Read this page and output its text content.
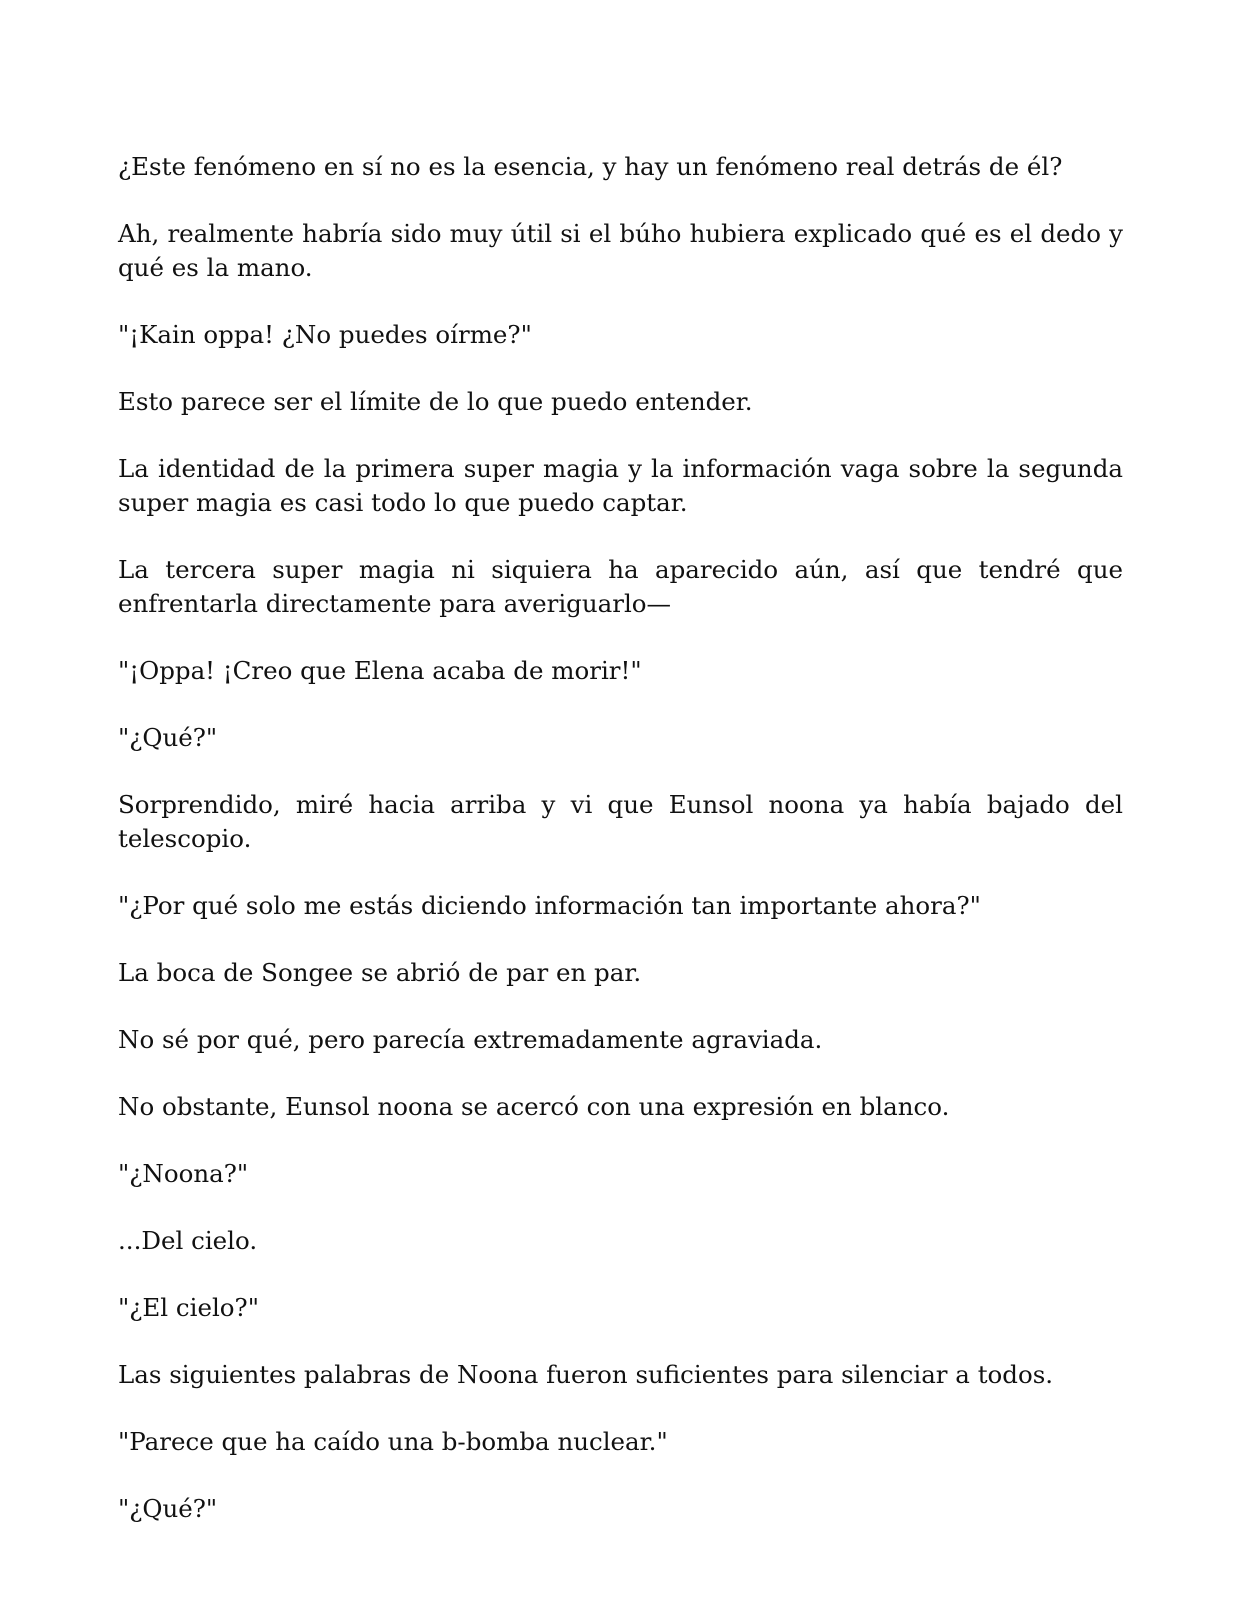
¿Este fenómeno en sí no es la esencia, y hay un fenómeno real detrás de él?

Ah, realmente habría sido muy útil si el búho hubiera explicado qué es el dedo y qué es la mano.

"¡Kain oppa! ¿No puedes oírme?"

Esto parece ser el límite de lo que puedo entender.

La identidad de la primera super magia y la información vaga sobre la segunda super magia es casi todo lo que puedo captar.

La tercera super magia ni siquiera ha aparecido aún, así que tendré que enfrentarla directamente para averiguarlo—

"¡Oppa! ¡Creo que Elena acaba de morir!"

"¿Qué?"

Sorprendido, miré hacia arriba y vi que Eunsol noona ya había bajado del telescopio.

"¿Por qué solo me estás diciendo información tan importante ahora?"

La boca de Songee se abrió de par en par.

No sé por qué, pero parecía extremadamente agraviada.

No obstante, Eunsol noona se acercó con una expresión en blanco.

"¿Noona?"

...Del cielo.

"¿El cielo?"

Las siguientes palabras de Noona fueron suficientes para silenciar a todos.

"Parece que ha caído una b-bomba nuclear."

"¿Qué?"
